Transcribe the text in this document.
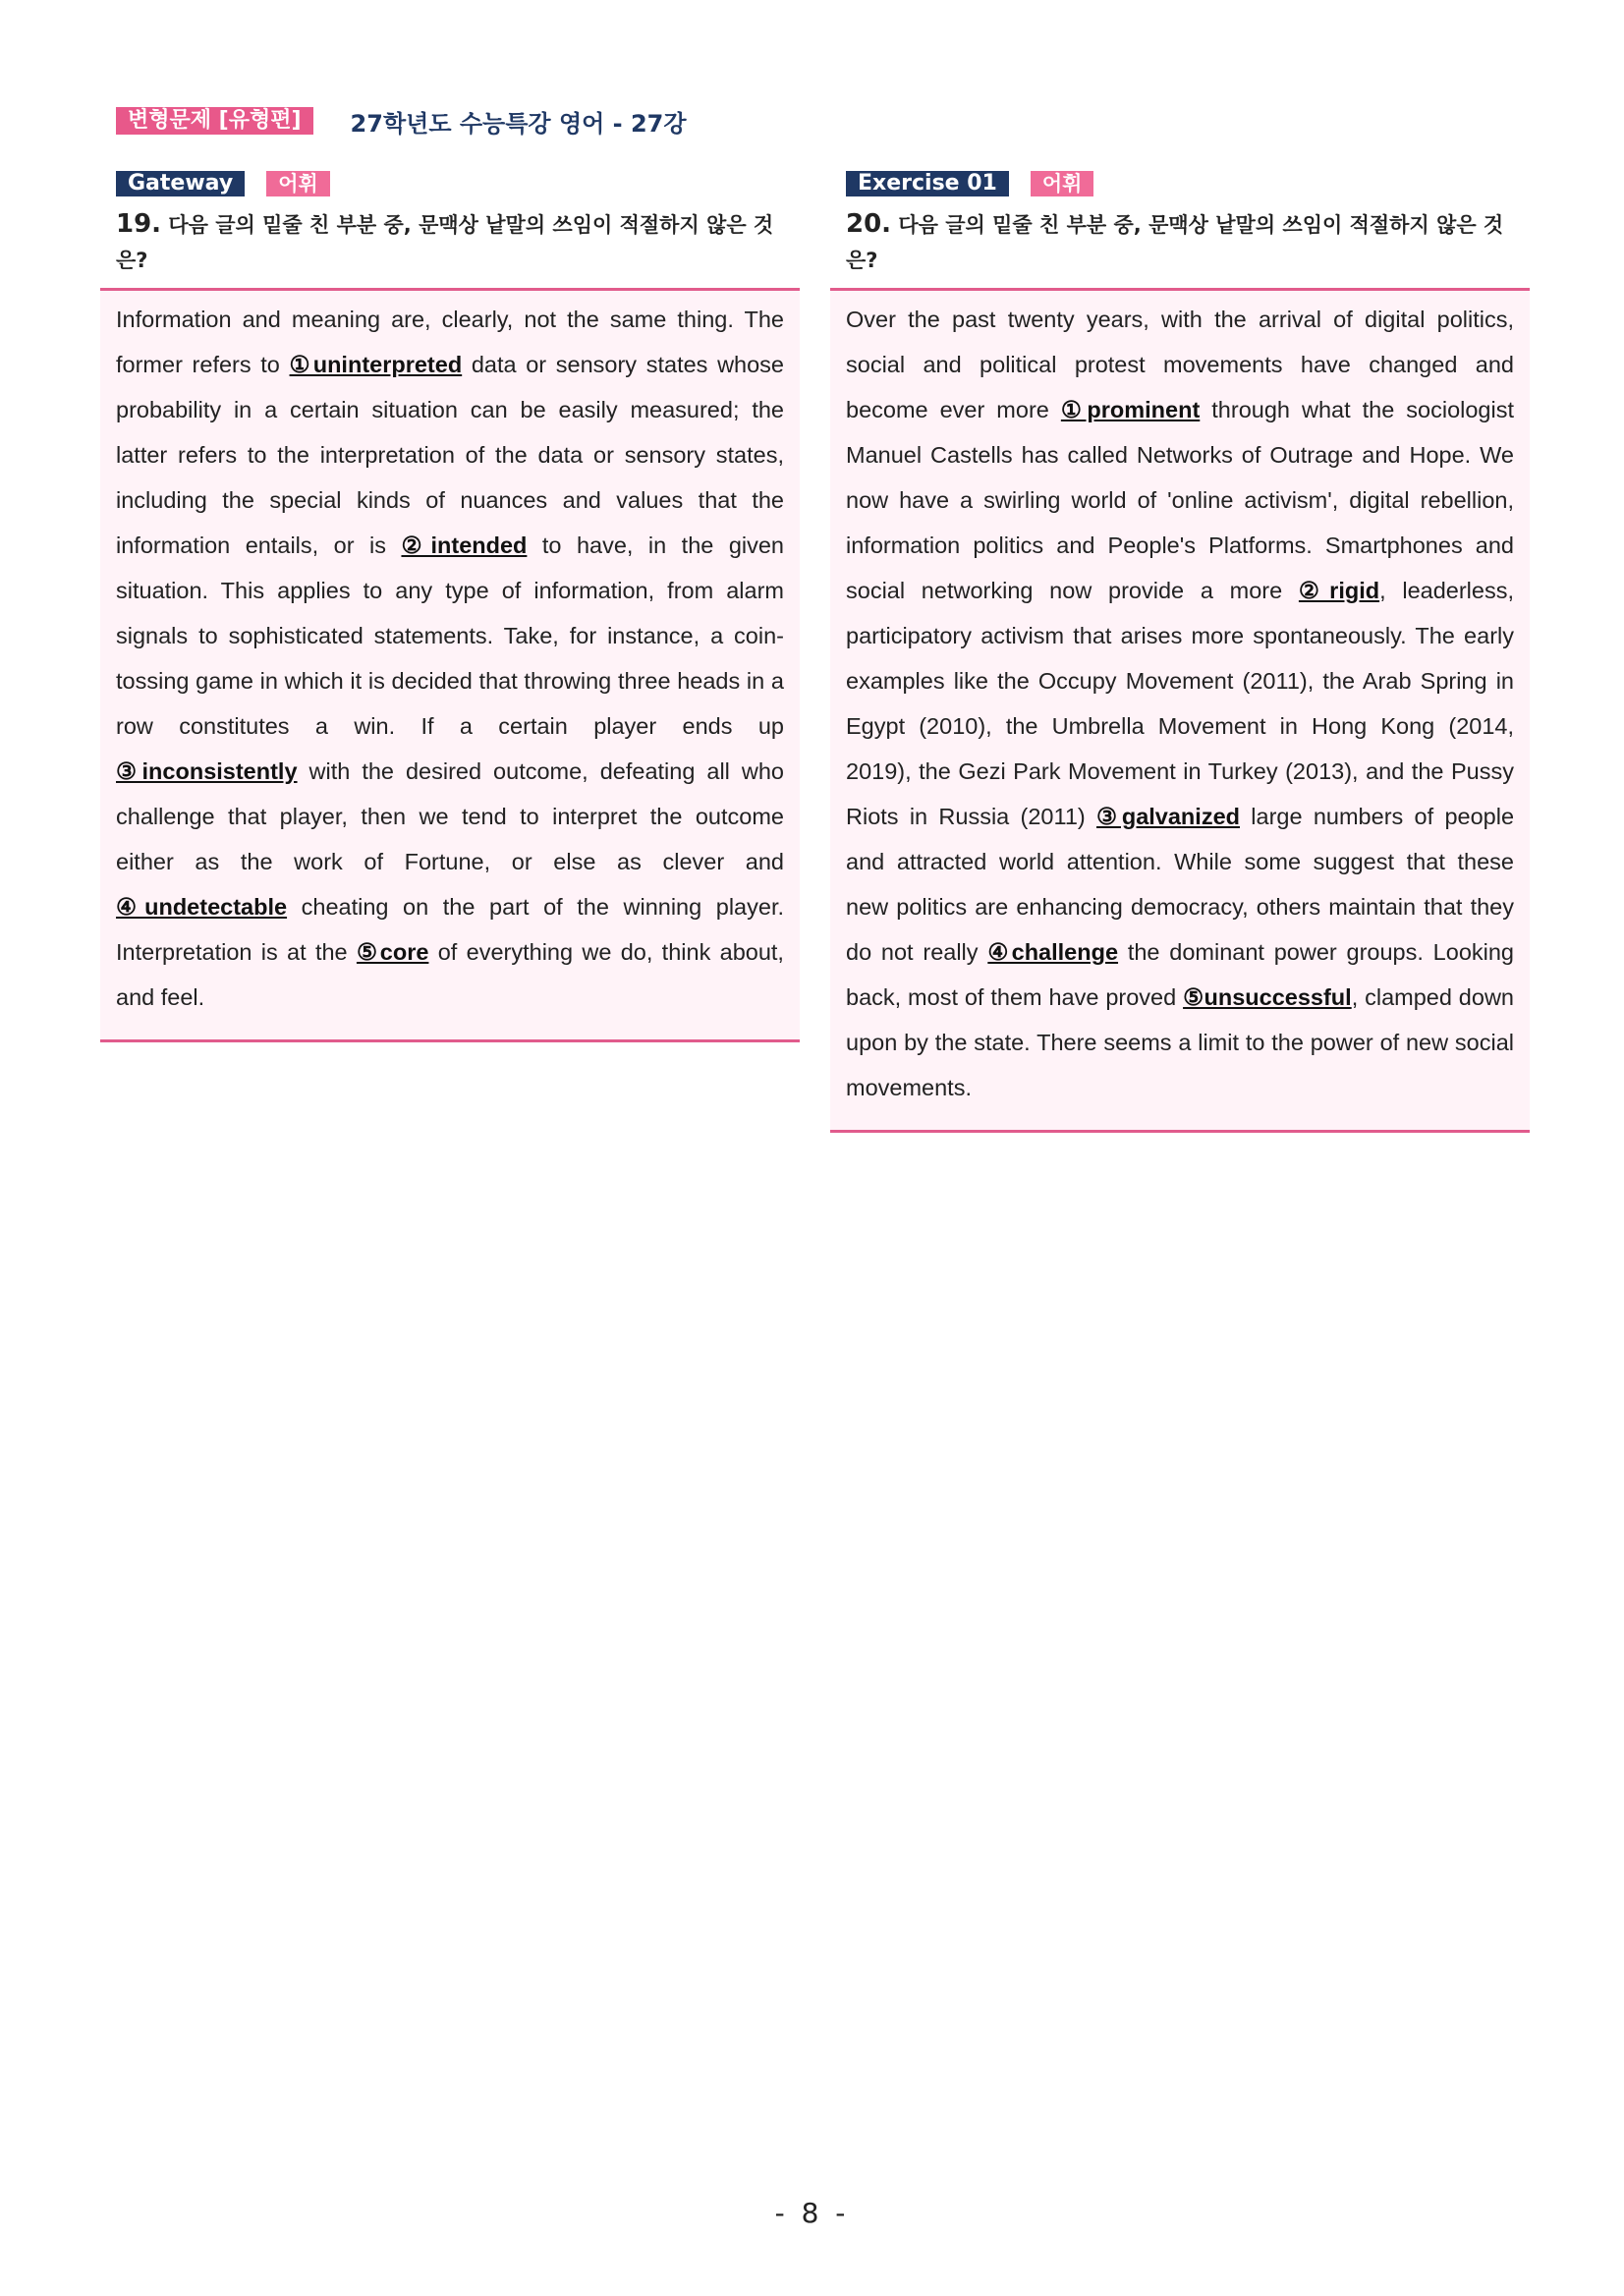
변형문제 [유형편]	27학년도 수능특강 영어 - 27강
Gateway	어휘
19. 다음 글의 밑줄 친 부분 중, 문맥상 낱말의 쓰임이 적절하지 않은 것은?
Information and meaning are, clearly, not the same thing. The former refers to ①uninterpreted data or sensory states whose probability in a certain situation can be easily measured; the latter refers to the interpretation of the data or sensory states, including the special kinds of nuances and values that the information entails, or is ②intended to have, in the given situation. This applies to any type of information, from alarm signals to sophisticated statements. Take, for instance, a coin-tossing game in which it is decided that throwing three heads in a row constitutes a win. If a certain player ends up ③inconsistently with the desired outcome, defeating all who challenge that player, then we tend to interpret the outcome either as the work of Fortune, or else as clever and ④undetectable cheating on the part of the winning player. Interpretation is at the ⑤core of everything we do, think about, and feel.
Exercise 01	어휘
20. 다음 글의 밑줄 친 부분 중, 문맥상 낱말의 쓰임이 적절하지 않은 것은?
Over the past twenty years, with the arrival of digital politics, social and political protest movements have changed and become ever more ①prominent through what the sociologist Manuel Castells has called Networks of Outrage and Hope. We now have a swirling world of 'online activism', digital rebellion, information politics and People's Platforms. Smartphones and social networking now provide a more ②rigid, leaderless, participatory activism that arises more spontaneously. The early examples like the Occupy Movement (2011), the Arab Spring in Egypt (2010), the Umbrella Movement in Hong Kong (2014, 2019), the Gezi Park Movement in Turkey (2013), and the Pussy Riots in Russia (2011) ③galvanized large numbers of people and attracted world attention. While some suggest that these new politics are enhancing democracy, others maintain that they do not really ④challenge the dominant power groups. Looking back, most of them have proved ⑤unsuccessful, clamped down upon by the state. There seems a limit to the power of new social movements.
- 8 -
